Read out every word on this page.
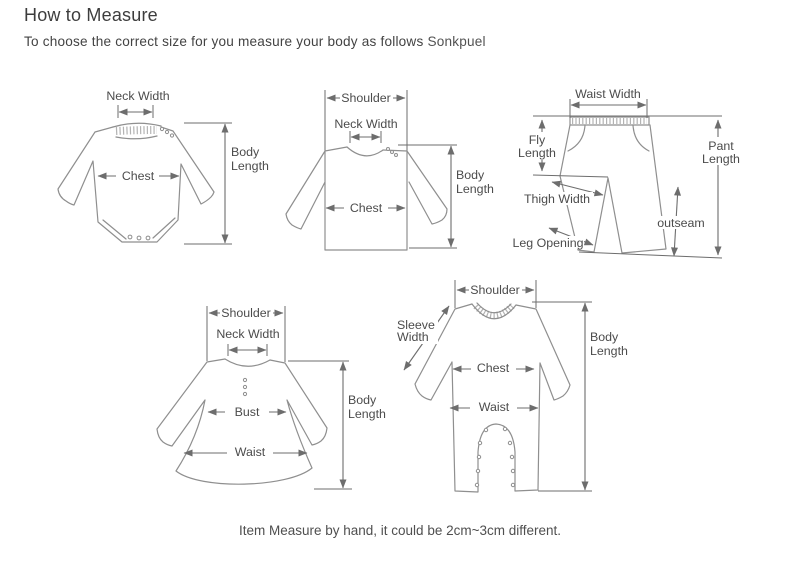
How to Measure
To choose the correct size for you measure your body as follows Sonkpuel
Neck Width
Chest
Body
Length
Shoulder
Neck Width
Chest
Body
Length
Waist Width
Fly
Length	Pant
Length
Thigh Width
outseam
Leg Opening
Shoulder
Neck Width
Bust
Waist
Body
Length
Shoulder
Sleeve
Width
Chest
Waist
Body
Length
Item Measure by hand, it could be 2cm~3cm different.
